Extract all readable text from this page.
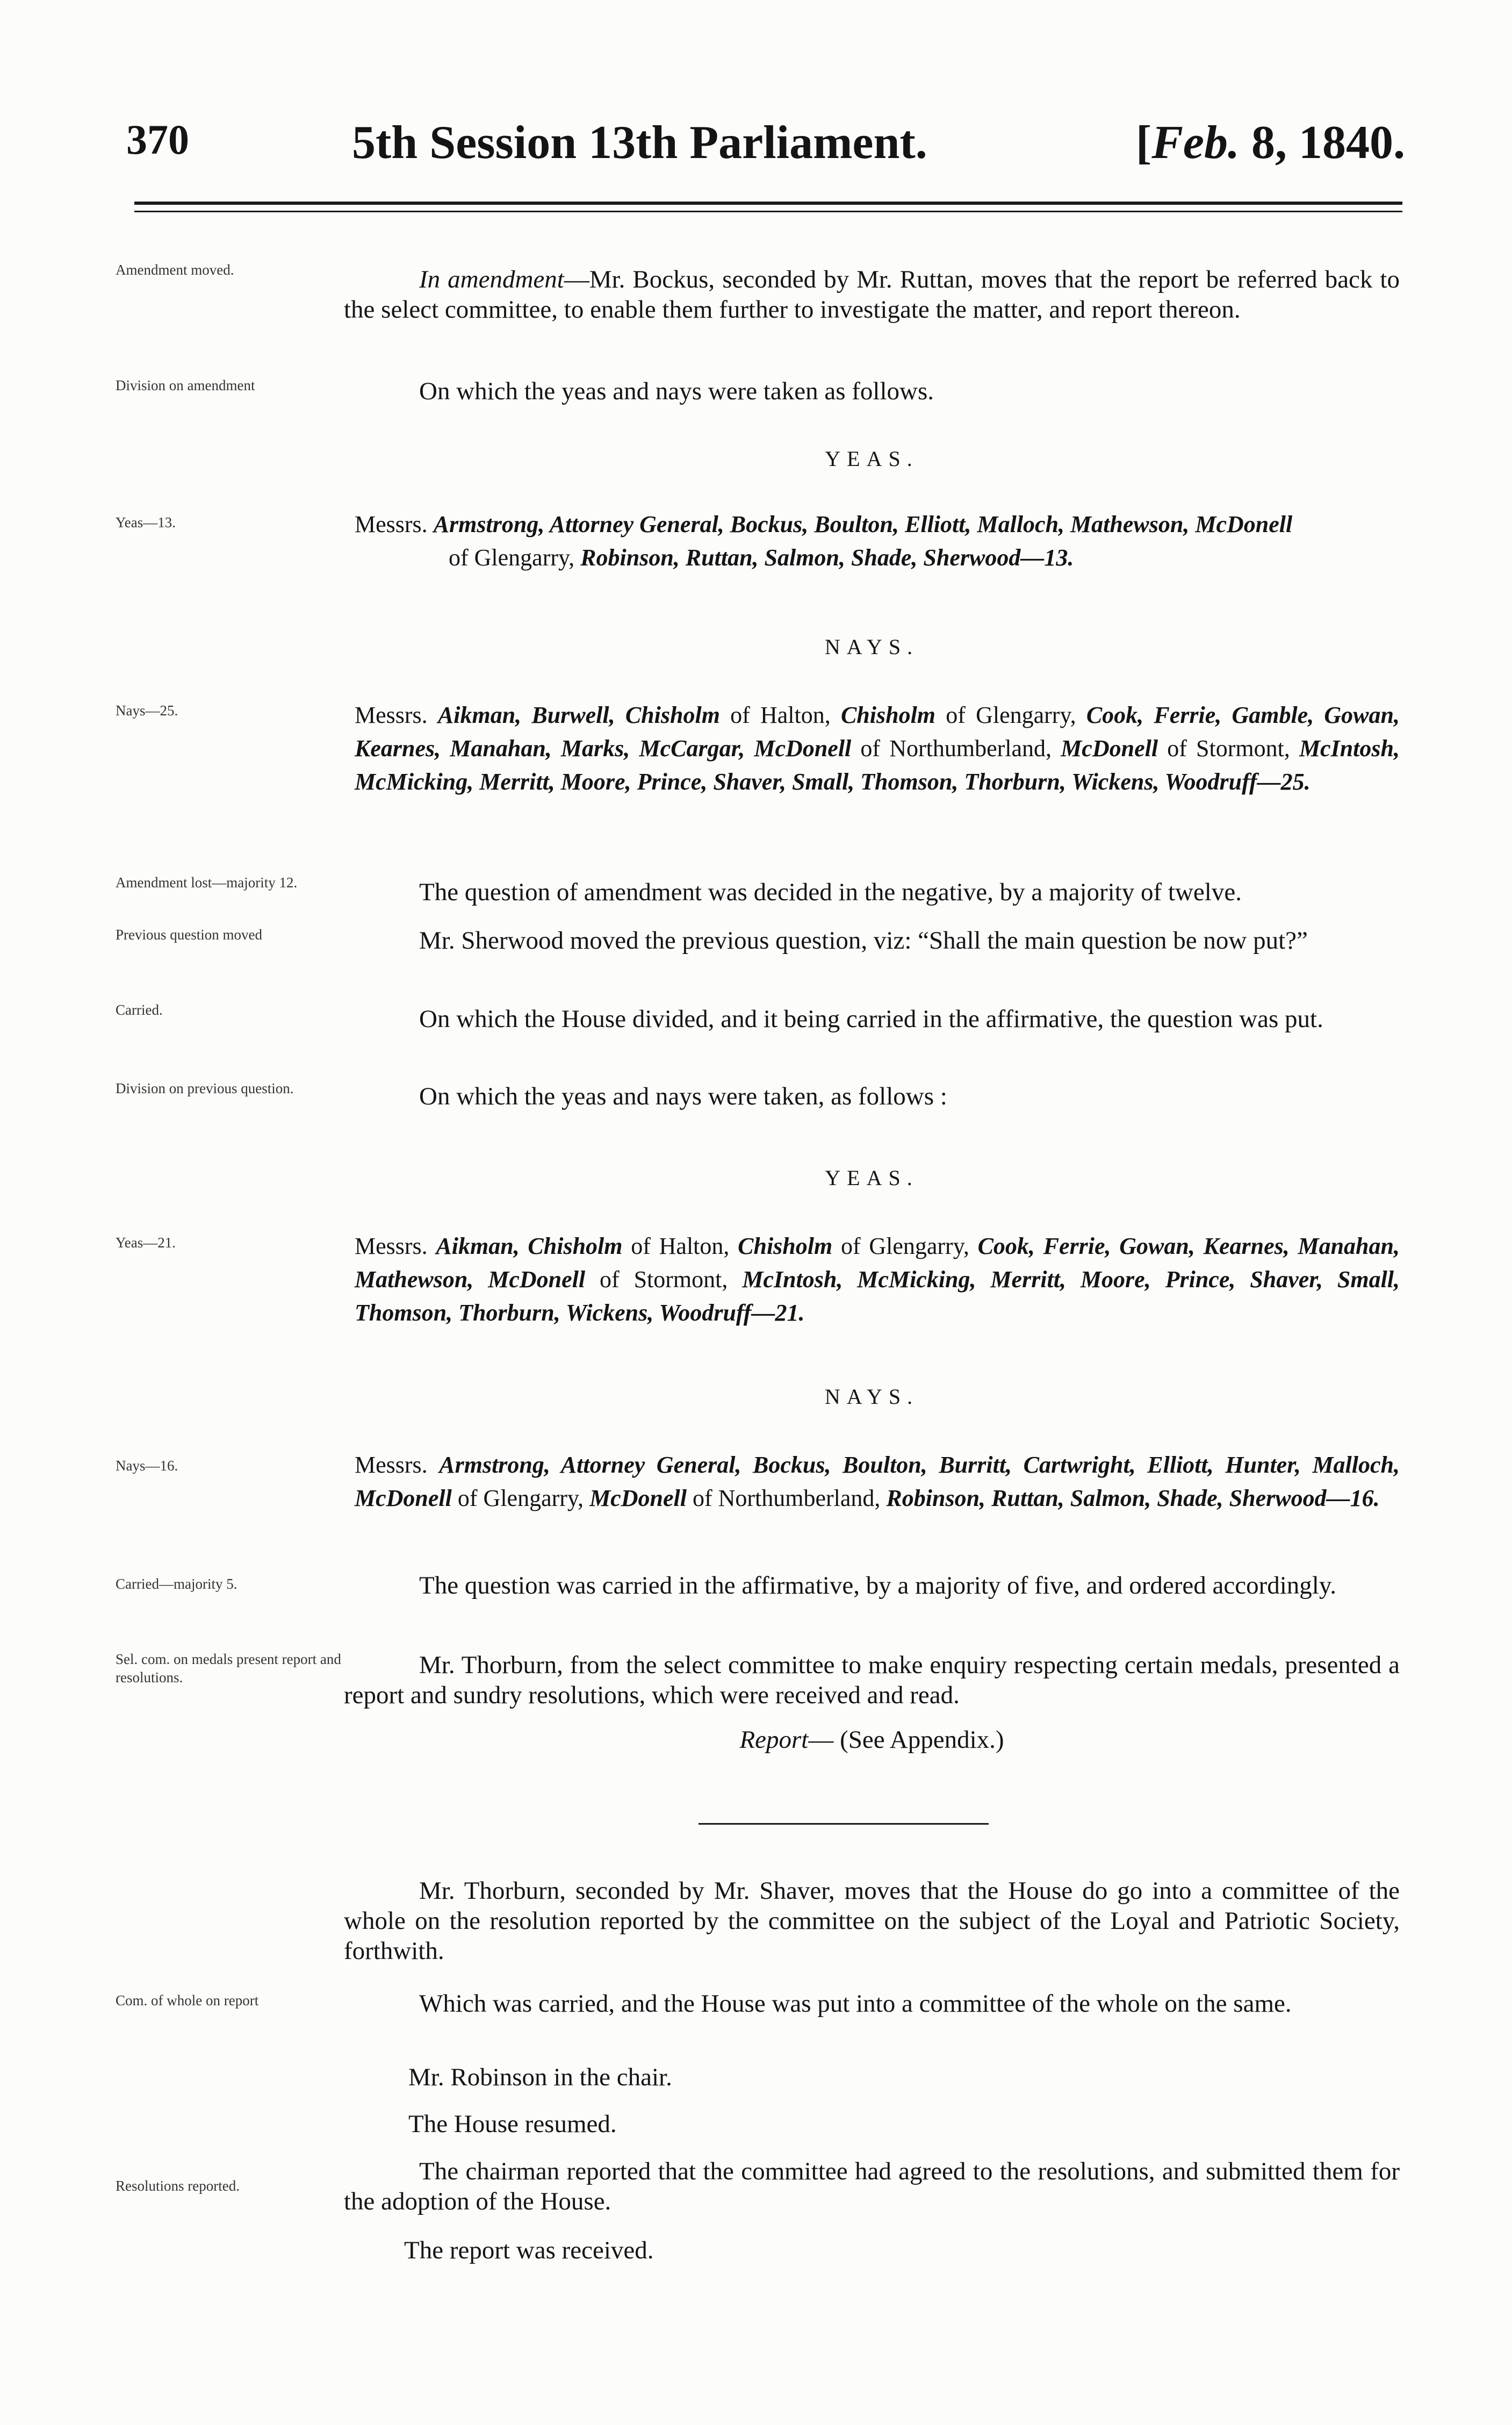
370	5th Session 13th Parliament.	[Feb. 8, 1840.
Amendment moved.	In amendment—Mr. Bockus, seconded by Mr. Ruttan, moves that the report be referred back to the select committee, to enable them further to investigate the matter, and report thereon.
Division on amendment	On which the yeas and nays were taken as follows.
YEAS.
Yeas—13.	Messrs. Armstrong, Attorney General, Bockus, Boulton, Elliott, Malloch, Mathewson, McDonell
of Glengarry, Robinson, Ruttan, Salmon, Shade, Sherwood—13.
NAYS.
Nays—25.	Messrs. Aikman, Burwell, Chisholm of Halton, Chisholm of Glengarry, Cook, Ferrie, Gamble, Gowan, Kearnes, Manahan, Marks, McCargar, McDonell of Northumberland, McDonell of Stormont, McIntosh, McMicking, Merritt, Moore, Prince, Shaver, Small, Thomson, Thorburn, Wickens, Woodruff—25.
Amendment lost—majority 12.	The question of amendment was decided in the negative, by a majority of twelve.
Previous question moved	Mr. Sherwood moved the previous question, viz: “Shall the main question be now put?”
Carried.	On which the House divided, and it being carried in the affirmative, the question was put.
Division on previous question.	On which the yeas and nays were taken, as follows :
YEAS.
Yeas—21.	Messrs. Aikman, Chisholm of Halton, Chisholm of Glengarry, Cook, Ferrie, Gowan, Kearnes, Manahan, Mathewson, McDonell of Stormont, McIntosh, McMicking, Merritt, Moore, Prince, Shaver, Small, Thomson, Thorburn, Wickens, Woodruff—21.
NAYS.
Nays—16.	Messrs. Armstrong, Attorney General, Bockus, Boulton, Burritt, Cartwright, Elliott, Hunter, Malloch, McDonell of Glengarry, McDonell of Northumberland, Robinson, Ruttan, Salmon, Shade, Sherwood—16.
Carried—majority 5.	The question was carried in the affirmative, by a majority of five, and ordered accordingly.
Sel. com. on medals present report and resolutions.	Mr. Thorburn, from the select committee to make enquiry respecting certain medals, presented a report and sundry resolutions, which were received and read.
Report— (See Appendix.)
Mr. Thorburn, seconded by Mr. Shaver, moves that the House do go into a committee of the whole on the resolution reported by the committee on the subject of the Loyal and Patriotic Society, forthwith.
Com. of whole on report	Which was carried, and the House was put into a committee of the whole on the same.
Mr. Robinson in the chair.
The House resumed.
Resolutions reported.
The chairman reported that the committee had agreed to the resolutions, and submitted them for the adoption of the House.
The report was received.
